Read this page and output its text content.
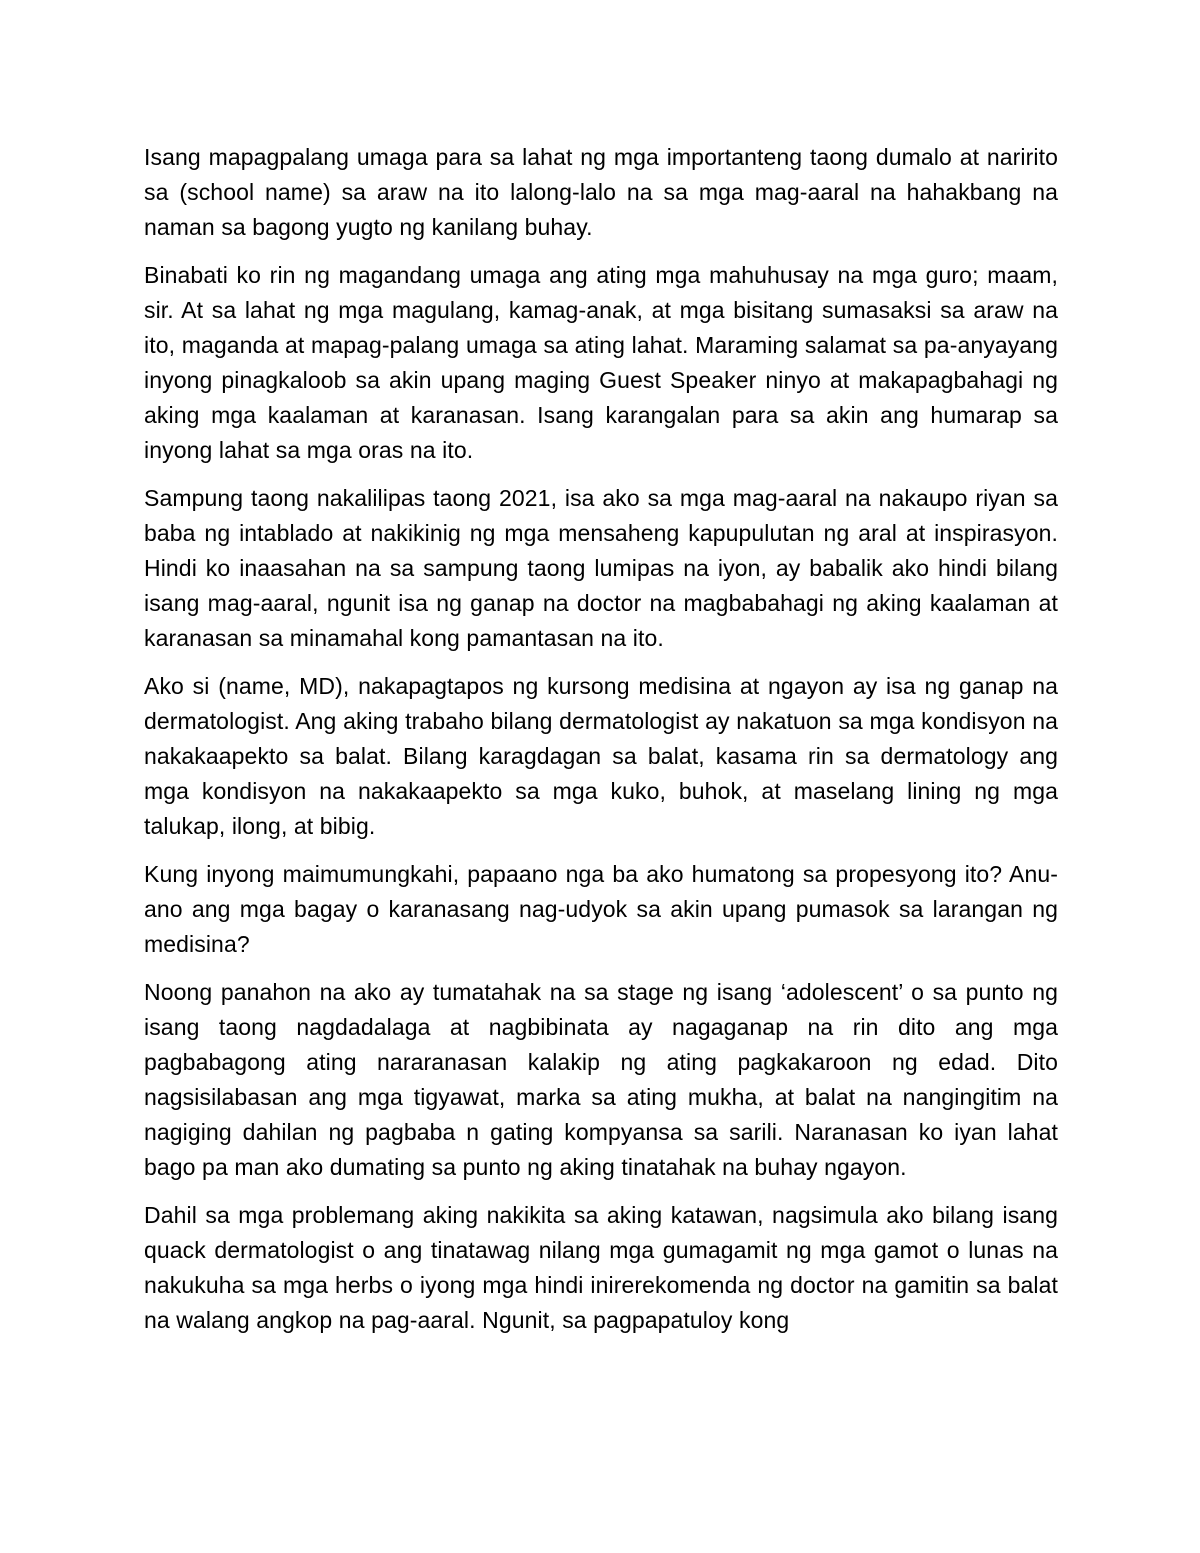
Isang mapagpalang umaga para sa lahat ng mga importanteng taong dumalo at naririto sa (school name) sa araw na ito lalong-lalo na sa mga mag-aaral na hahakbang na naman sa bagong yugto ng kanilang buhay.

Binabati ko rin ng magandang umaga ang ating mga mahuhusay na mga guro; maam, sir. At sa lahat ng mga magulang, kamag-anak, at mga bisitang sumasaksi sa araw na ito, maganda at mapag-palang umaga sa ating lahat. Maraming salamat sa pa-anyayang inyong pinagkaloob sa akin upang maging Guest Speaker ninyo at makapagbahagi ng aking mga kaalaman at karanasan. Isang karangalan para sa akin ang humarap sa inyong lahat sa mga oras na ito.

Sampung taong nakalilipas taong 2021, isa ako sa mga mag-aaral na nakaupo riyan sa baba ng intablado at nakikinig ng mga mensaheng kapupulutan ng aral at inspirasyon. Hindi ko inaasahan na sa sampung taong lumipas na iyon, ay babalik ako hindi bilang isang mag-aaral, ngunit isa ng ganap na doctor na magbabahagi ng aking kaalaman at karanasan sa minamahal kong pamantasan na ito.

Ako si (name, MD), nakapagtapos ng kursong medisina at ngayon ay isa ng ganap na dermatologist. Ang aking trabaho bilang dermatologist ay nakatuon sa mga kondisyon na nakakaapekto sa balat. Bilang karagdagan sa balat, kasama rin sa dermatology ang mga kondisyon na nakakaapekto sa mga kuko, buhok, at maselang lining ng mga talukap, ilong, at bibig.

Kung inyong maimumungkahi, papaano nga ba ako humatong sa propesyong ito? Anu-ano ang mga bagay o karanasang nag-udyok sa akin upang pumasok sa larangan ng medisina?

Noong panahon na ako ay tumatahak na sa stage ng isang ‘adolescent’ o sa punto ng isang taong nagdadalaga at nagbibinata ay nagaganap na rin dito ang mga pagbabagong ating nararanasan kalakip ng ating pagkakaroon ng edad. Dito nagsisilabasan ang mga tigyawat, marka sa ating mukha, at balat na nangingitim na nagiging dahilan ng pagbaba n gating kompyansa sa sarili. Naranasan ko iyan lahat bago pa man ako dumating sa punto ng aking tinatahak na buhay ngayon.

Dahil sa mga problemang aking nakikita sa aking katawan, nagsimula ako bilang isang quack dermatologist o ang tinatawag nilang mga gumagamit ng mga gamot o lunas na nakukuha sa mga herbs o iyong mga hindi inirerekomenda ng doctor na gamitin sa balat na walang angkop na pag-aaral. Ngunit, sa pagpapatuloy kong
